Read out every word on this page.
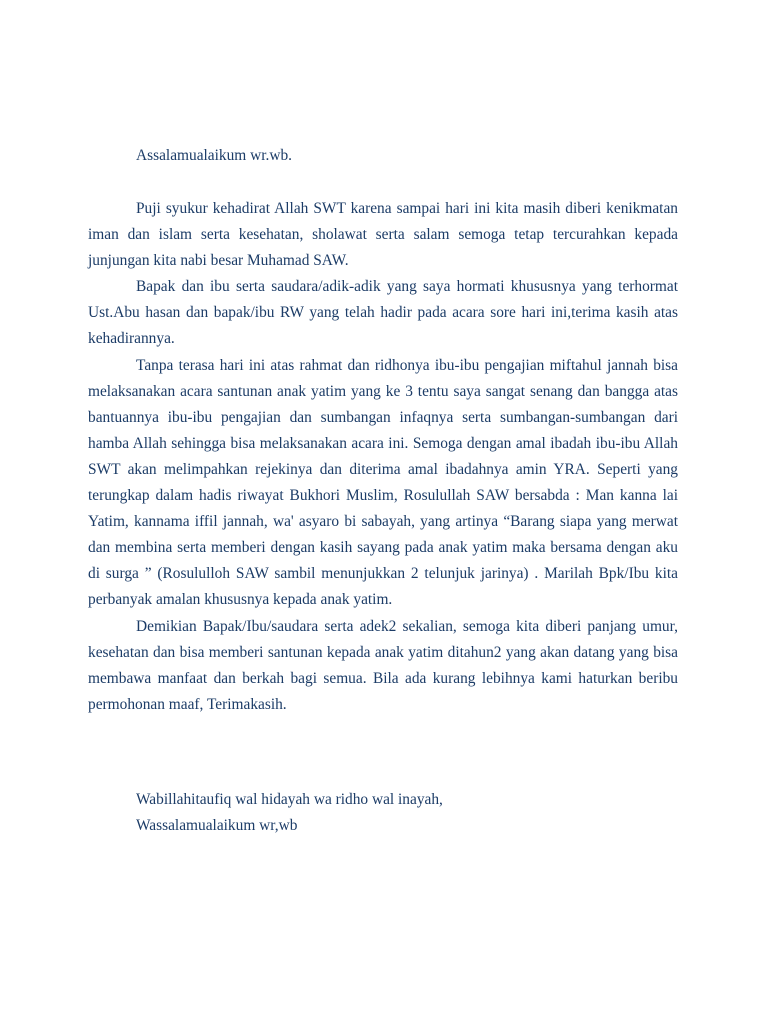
Assalamualaikum wr.wb.

Puji syukur kehadirat Allah SWT karena sampai hari ini kita masih diberi kenikmatan iman dan islam serta kesehatan, sholawat serta salam semoga tetap tercurahkan kepada junjungan kita nabi besar Muhamad SAW.

Bapak dan ibu serta saudara/adik-adik yang saya hormati khususnya yang terhormat Ust.Abu hasan dan bapak/ibu RW yang telah hadir pada acara sore hari ini,terima kasih atas kehadirannya.

Tanpa terasa hari ini atas rahmat dan ridhonya ibu-ibu pengajian miftahul jannah bisa melaksanakan acara santunan anak yatim yang ke 3 tentu saya sangat senang dan bangga atas bantuannya ibu-ibu pengajian dan sumbangan infaqnya serta sumbangan-sumbangan dari hamba Allah sehingga bisa melaksanakan acara ini. Semoga dengan amal ibadah ibu-ibu Allah SWT akan melimpahkan rejekinya dan diterima amal ibadahnya amin YRA. Seperti yang terungkap dalam hadis riwayat Bukhori Muslim, Rosulullah SAW bersabda : Man kanna lai Yatim, kannama iffil jannah, wa' asyaro bi sabayah, yang artinya “Barang siapa yang merwat dan membina serta memberi dengan kasih sayang pada anak yatim maka bersama dengan aku di surga ” (Rosululloh SAW sambil menunjukkan 2 telunjuk jarinya) . Marilah Bpk/Ibu kita perbanyak amalan khususnya kepada anak yatim.

Demikian Bapak/Ibu/saudara serta adek2 sekalian, semoga kita diberi panjang umur, kesehatan dan bisa memberi santunan kepada anak yatim ditahun2 yang akan datang yang bisa membawa manfaat dan berkah bagi semua. Bila ada kurang lebihnya kami haturkan beribu permohonan maaf, Terimakasih.

Wabillahitaufiq wal hidayah wa ridho wal inayah,

Wassalamualaikum wr,wb
